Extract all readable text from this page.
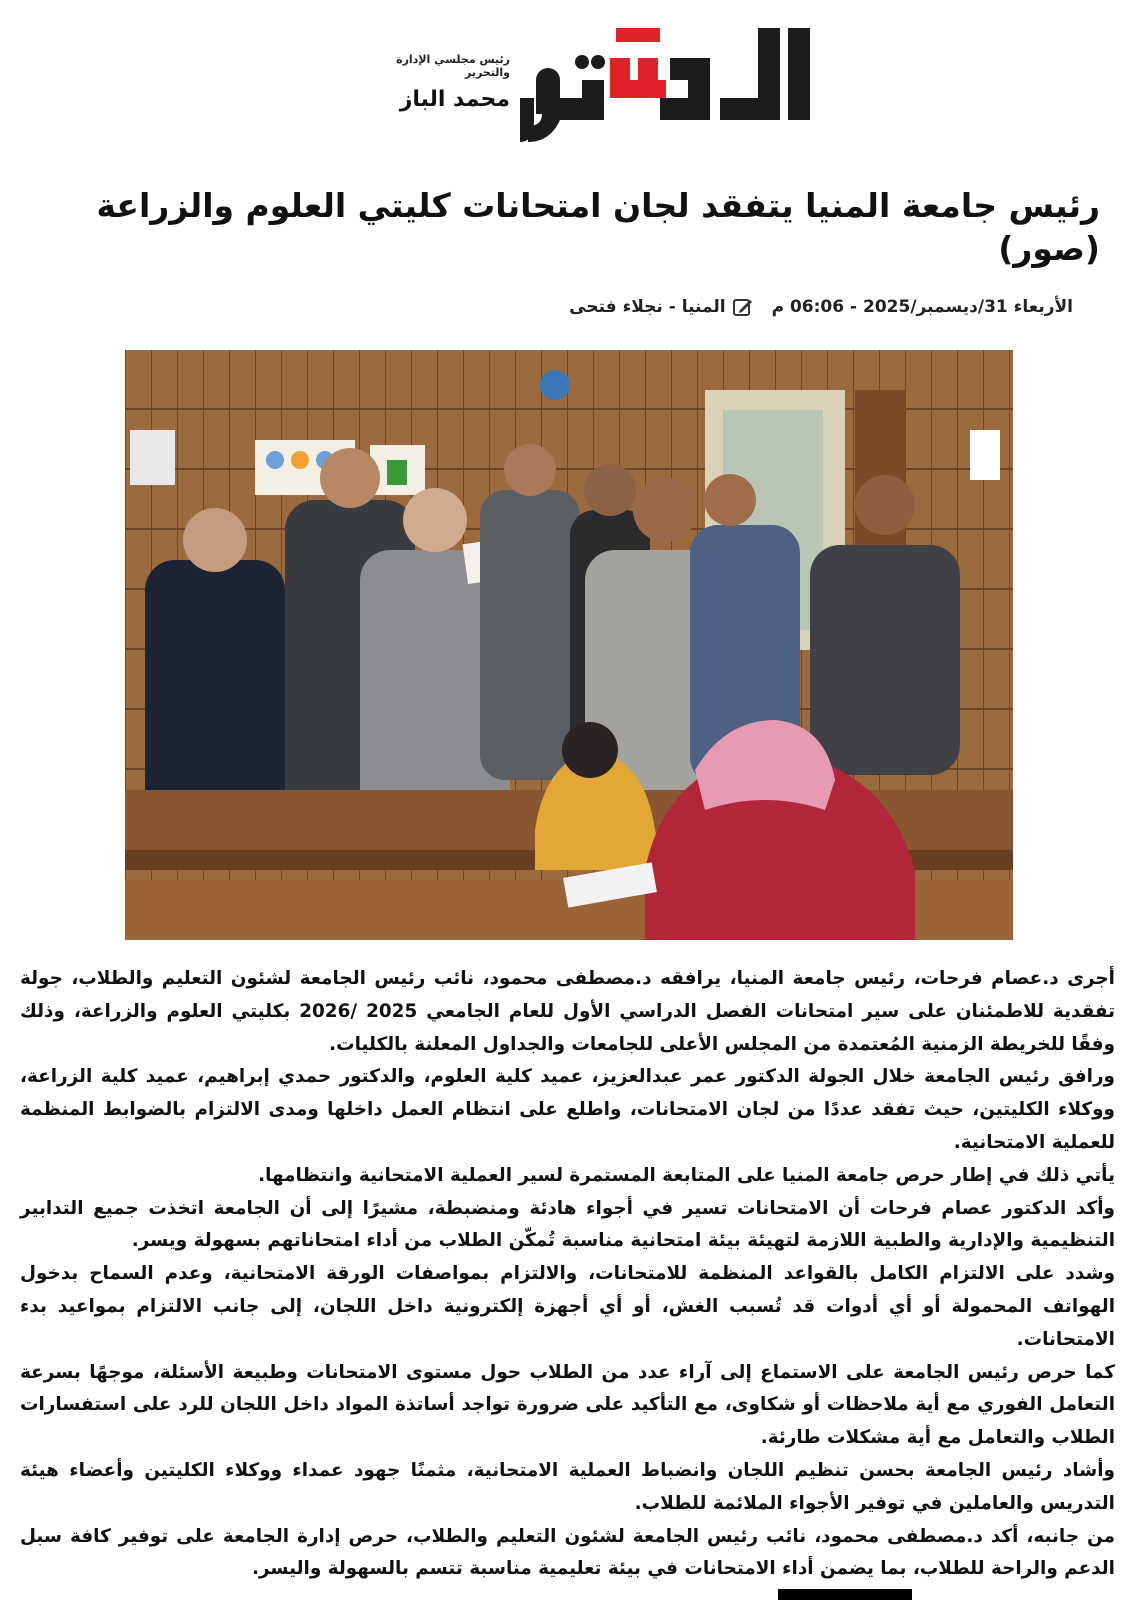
رئيس مجلسي الإدارة والتحرير
محمد الباز
رئيس جامعة المنيا يتفقد لجان امتحانات كليتي العلوم والزراعة (صور)
الأربعاء 31/ديسمبر/2025 - 06:06 م
المنيا - نجلاء فتحى

أجرى د.عصام فرحات، رئيس جامعة المنيا، يرافقه د.مصطفى محمود، نائب رئيس الجامعة لشئون التعليم والطلاب، جولة تفقدية للاطمئنان على سير امتحانات الفصل الدراسي الأول للعام الجامعي 2025 /2026 بكليتي العلوم والزراعة، وذلك وفقًا للخريطة الزمنية المُعتمدة من المجلس الأعلى للجامعات والجداول المعلنة بالكليات.

ورافق رئيس الجامعة خلال الجولة الدكتور عمر عبدالعزيز، عميد كلية العلوم، والدكتور حمدي إبراهيم، عميد كلية الزراعة، ووكلاء الكليتين، حيث تفقد عددًا من لجان الامتحانات، واطلع على انتظام العمل داخلها ومدى الالتزام بالضوابط المنظمة للعملية الامتحانية.

يأتي ذلك في إطار حرص جامعة المنيا على المتابعة المستمرة لسير العملية الامتحانية وانتظامها.

وأكد الدكتور عصام فرحات أن الامتحانات تسير في أجواء هادئة ومنضبطة، مشيرًا إلى أن الجامعة اتخذت جميع التدابير التنظيمية والإدارية والطبية اللازمة لتهيئة بيئة امتحانية مناسبة تُمكّن الطلاب من أداء امتحاناتهم بسهولة ويسر.

وشدد على الالتزام الكامل بالقواعد المنظمة للامتحانات، والالتزام بمواصفات الورقة الامتحانية، وعدم السماح بدخول الهواتف المحمولة أو أي أدوات قد تُسبب الغش، أو أي أجهزة إلكترونية داخل اللجان، إلى جانب الالتزام بمواعيد بدء الامتحانات.

كما حرص رئيس الجامعة على الاستماع إلى آراء عدد من الطلاب حول مستوى الامتحانات وطبيعة الأسئلة، موجهًا بسرعة التعامل الفوري مع أية ملاحظات أو شكاوى، مع التأكيد على ضرورة تواجد أساتذة المواد داخل اللجان للرد على استفسارات الطلاب والتعامل مع أية مشكلات طارئة.

وأشاد رئيس الجامعة بحسن تنظيم اللجان وانضباط العملية الامتحانية، مثمنًا جهود عمداء ووكلاء الكليتين وأعضاء هيئة التدريس والعاملين في توفير الأجواء الملائمة للطلاب.

من جانبه، أكد د.مصطفى محمود، نائب رئيس الجامعة لشئون التعليم والطلاب، حرص إدارة الجامعة على توفير كافة سبل الدعم والراحة للطلاب، بما يضمن أداء الامتحانات في بيئة تعليمية مناسبة تتسم بالسهولة واليسر.
